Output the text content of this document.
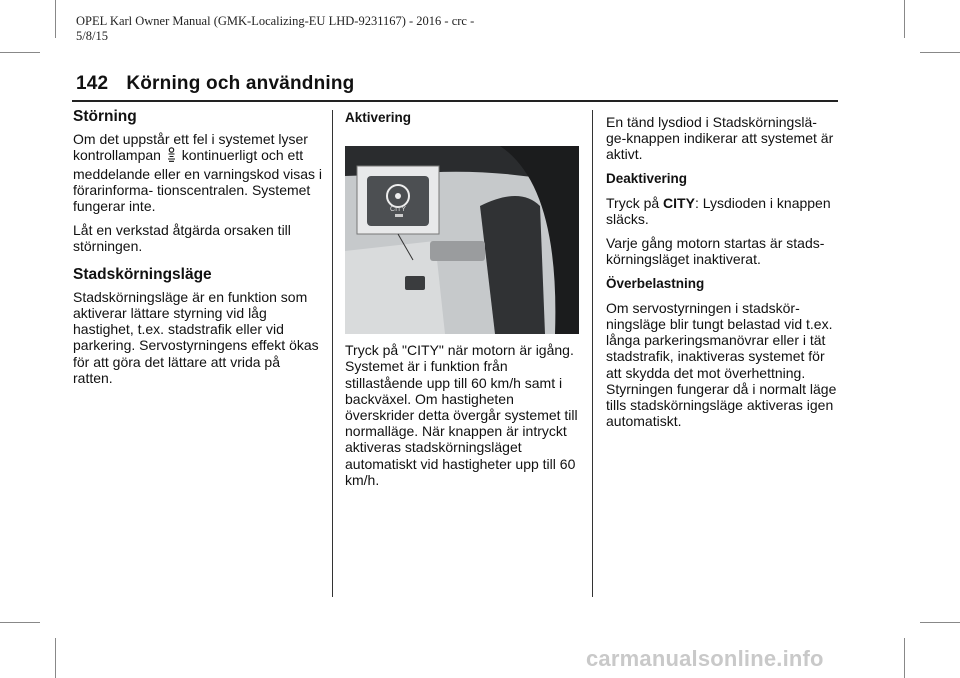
OPEL Karl Owner Manual (GMK-Localizing-EU LHD-9231167) - 2016 - crc -
5/8/15
142 Körning och användning
Störning

Om det uppstår ett fel i systemet lyser kontrollampan kontinuerligt och ett meddelande eller en varningskod visas i förarinforma- tionscentralen. Systemet fungerar inte.

Låt en verkstad åtgärda orsaken till störningen.

Stadskörningsläge

Stadskörningsläge är en funktion som aktiverar lättare styrning vid låg hastighet, t.ex. stadstrafik eller vid parkering. Servostyrningens effekt ökas för att göra det lättare att vrida på ratten.

Aktivering
CITY

Tryck på "CITY" när motorn är igång. Systemet är i funktion från stillastående upp till 60 km/h samt i backväxel. Om hastigheten överskrider detta övergår systemet till normalläge. När knappen är intryckt aktiveras stadskörningsläget automatiskt vid hastigheter upp till 60 km/h.

En tänd lysdiod i Stadskörningslä- ge-knappen indikerar att systemet är aktivt.

Deaktivering

Tryck på CITY: Lysdioden i knappen släcks.

Varje gång motorn startas är stads- körningsläget inaktiverat.

Överbelastning

Om servostyrningen i stadskör- ningsläge blir tungt belastad vid t.ex. långa parkeringsmanövrar eller i tät stadstrafik, inaktiveras systemet för att skydda det mot överhettning. Styrningen fungerar då i normalt läge tills stadskörningsläge aktiveras igen automatiskt.

carmanualsonline.info
